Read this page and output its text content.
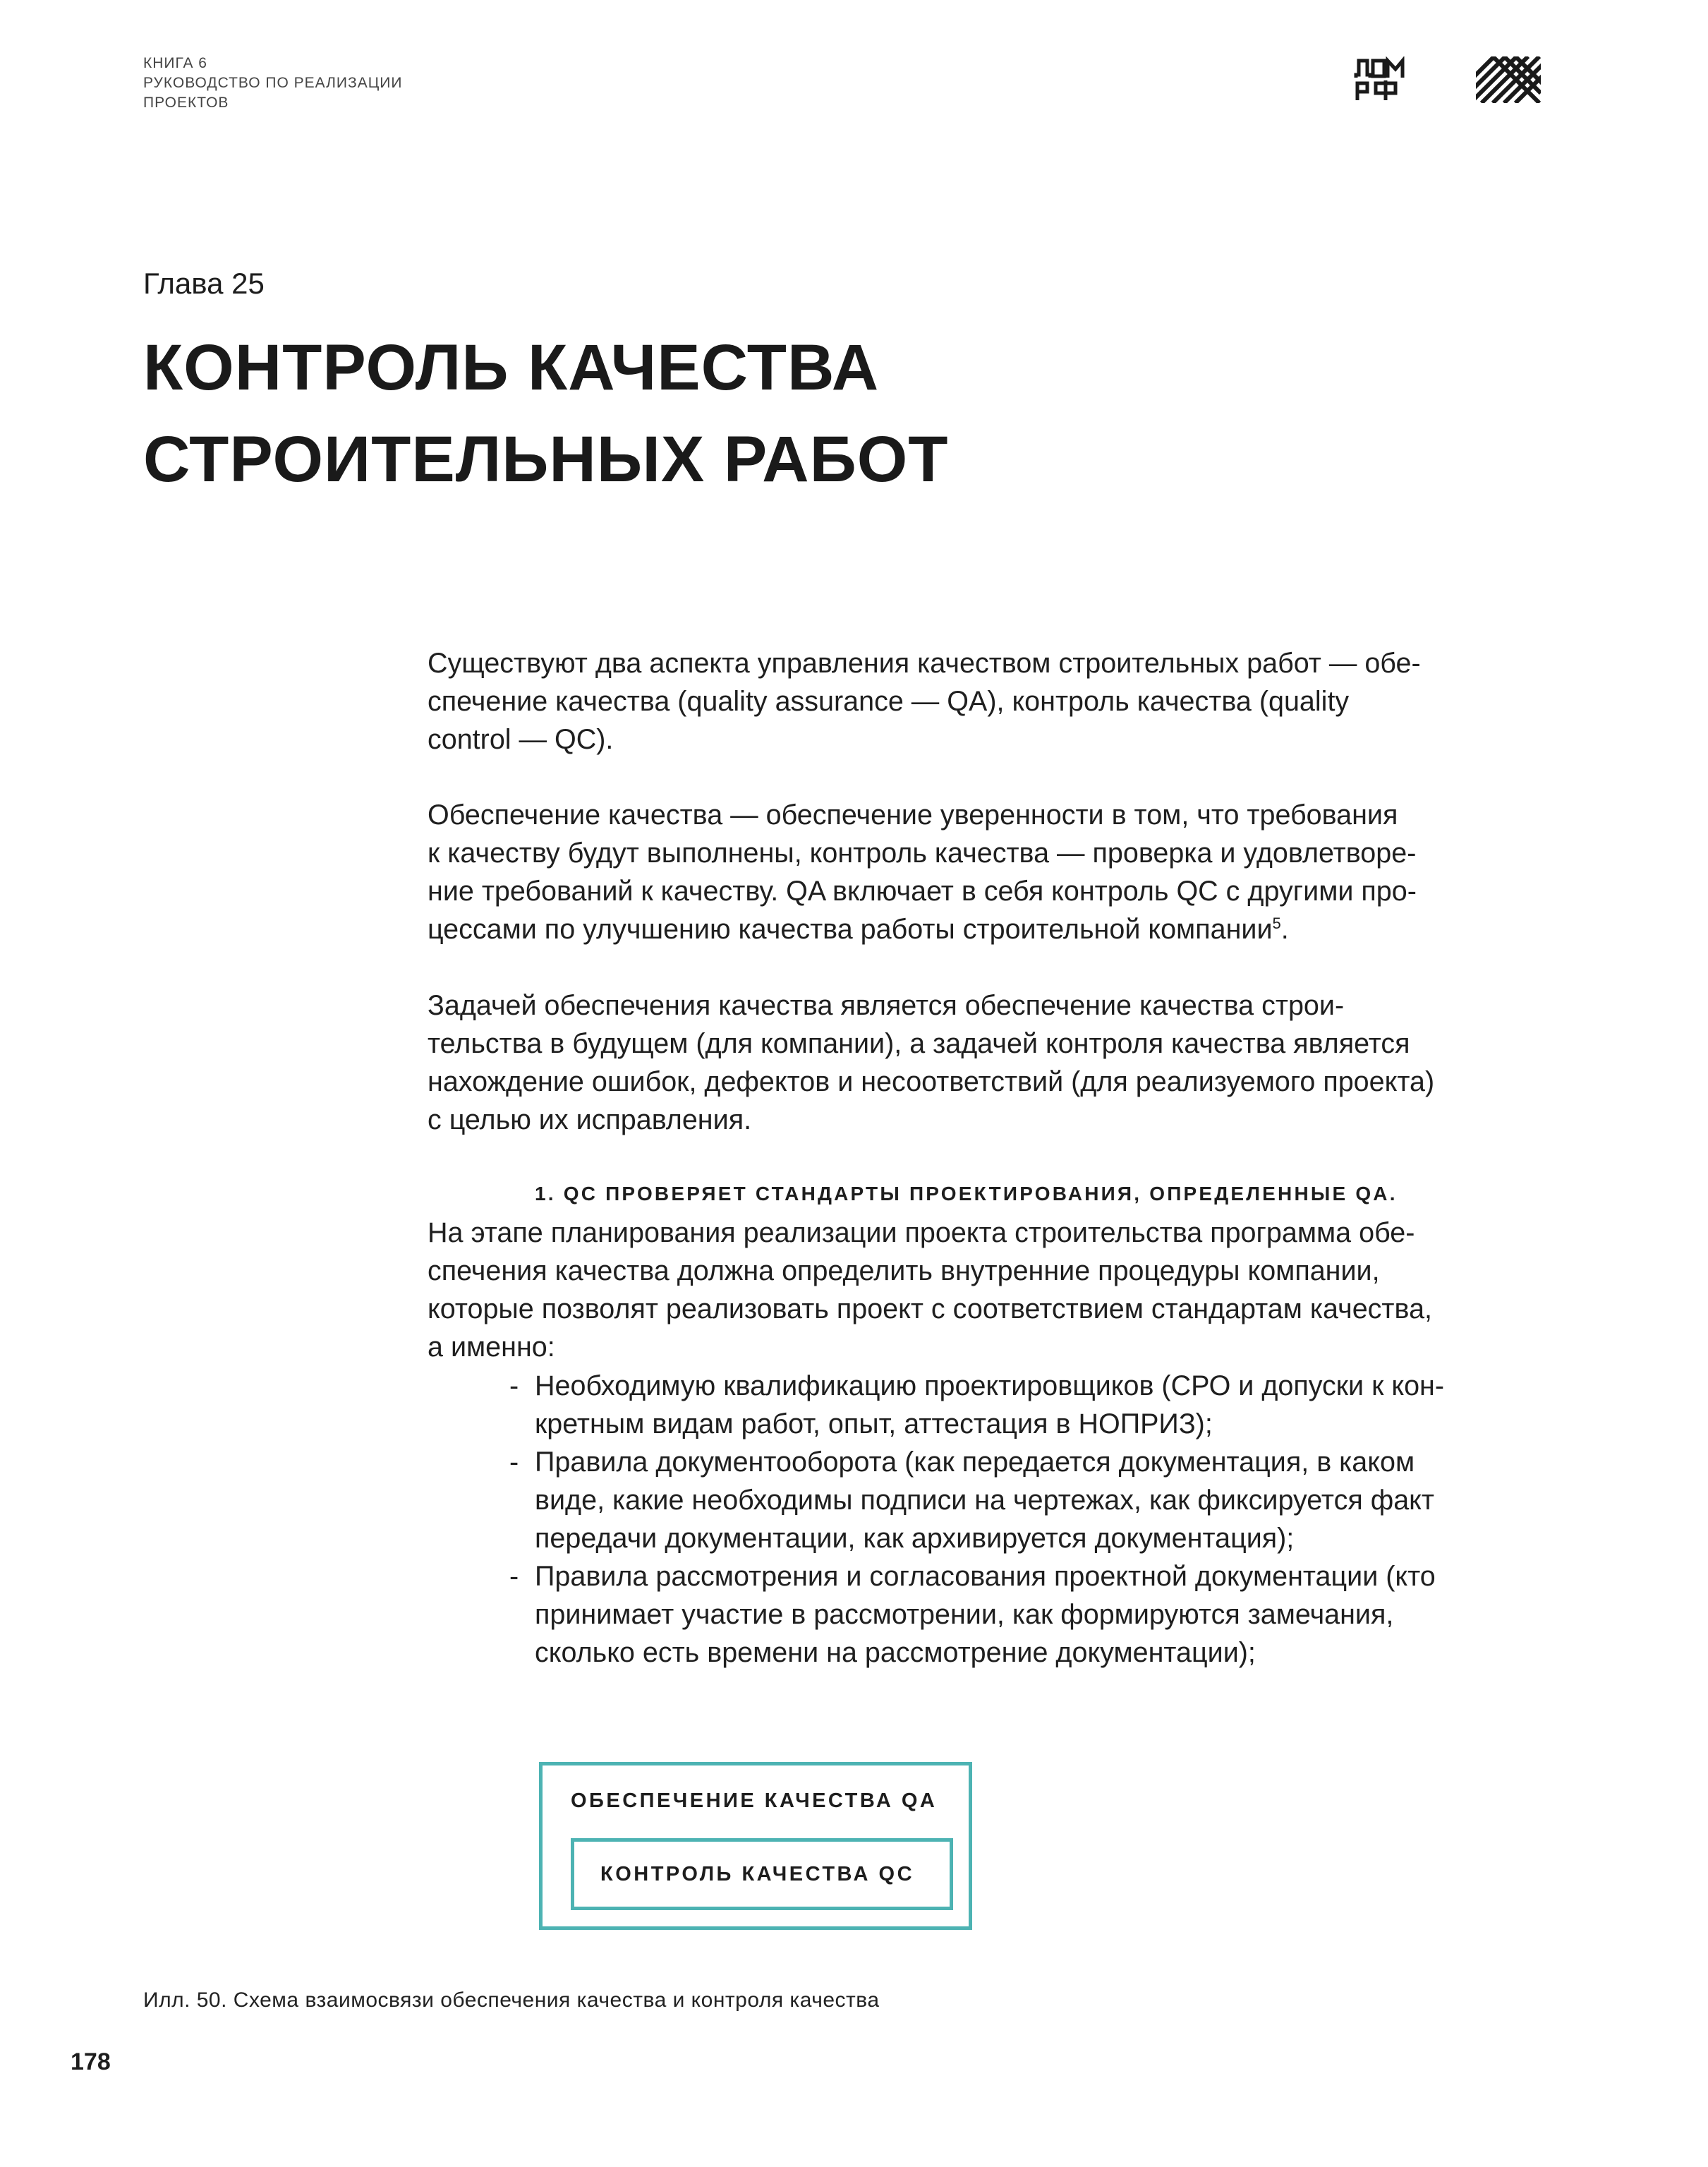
КНИГА 6
РУКОВОДСТВО ПО РЕАЛИЗАЦИИ
ПРОЕКТОВ
Глава 25
КОНТРОЛЬ КАЧЕСТВА
СТРОИТЕЛЬНЫХ РАБОТ
Существуют два аспекта управления качеством строительных работ — обе-
спечение качества (quality assurance — QA), контроль качества (quality
control — QC).
Обеспечение качества — обеспечение уверенности в том, что требования
к качеству будут выполнены, контроль качества — проверка и удовлетворе-
ние требований к качеству. QA включает в себя контроль QC с другими про-
цессами по улучшению качества работы строительной компании$^5$.
Задачей обеспечения качества является обеспечение качества строи-
тельства в будущем (для компании), а задачей контроля качества является
нахождение ошибок, дефектов и несоответствий (для реализуемого проекта)
с целью их исправления.
1. QC ПРОВЕРЯЕТ СТАНДАРТЫ ПРОЕКТИРОВАНИЯ, ОПРЕДЕЛЕННЫЕ QA.
На этапе планирования реализации проекта строительства программа обе-
спечения качества должна определить внутренние процедуры компании,
которые позволят реализовать проект с соответствием стандартам качества,
а именно:
- Необходимую квалификацию проектировщиков (СРО и допуски к кон-
кретным видам работ, опыт, аттестация в НОПРИЗ);
- Правила документооборота (как передается документация, в каком
виде, какие необходимы подписи на чертежах, как фиксируется факт
передачи документации, как архивируется документация);
- Правила рассмотрения и согласования проектной документации (кто
принимает участие в рассмотрении, как формируются замечания,
сколько есть времени на рассмотрение документации);
ОБЕСПЕЧЕНИЕ КАЧЕСТВА QA
КОНТРОЛЬ КАЧЕСТВА QC
Илл. 50. Схема взаимосвязи обеспечения качества и контроля качества
178
